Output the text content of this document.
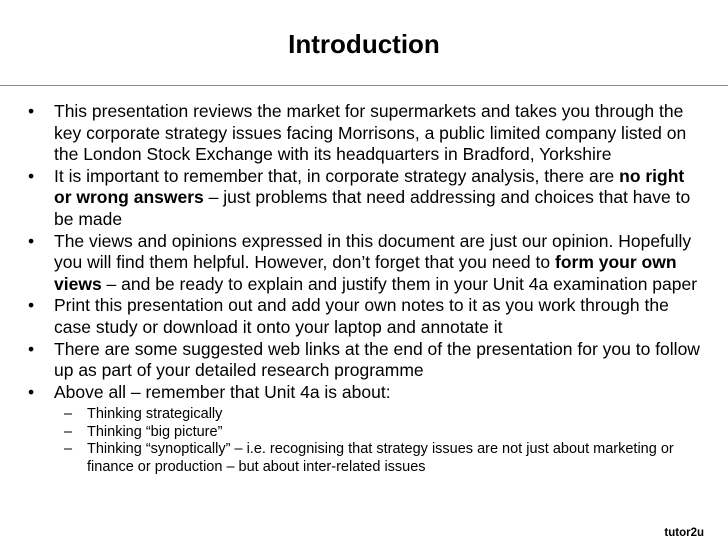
Introduction
• This presentation reviews the market for supermarkets and takes you through the key corporate strategy issues facing Morrisons, a public limited company listed on the London Stock Exchange with its headquarters in Bradford, Yorkshire
• It is important to remember that, in corporate strategy analysis, there are no right or wrong answers – just problems that need addressing and choices that have to be made
• The views and opinions expressed in this document are just our opinion. Hopefully you will find them helpful. However, don’t forget that you need to form your own views – and be ready to explain and justify them in your Unit 4a examination paper
• Print this presentation out and add your own notes to it as you work through the case study or download it onto your laptop and annotate it
• There are some suggested web links at the end of the presentation for you to follow up as part of your detailed research programme
• Above all – remember that Unit 4a is about:
– Thinking strategically
– Thinking “big picture”
– Thinking “synoptically” – i.e. recognising that strategy issues are not just about marketing or finance or production – but about inter-related issues
tutor2u
